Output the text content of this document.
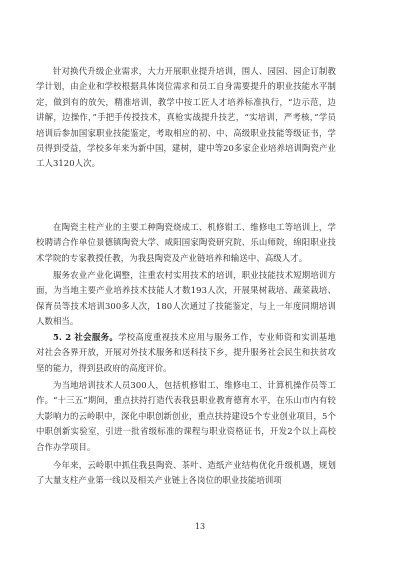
针对换代升级企业需求，大力开展职业提升培训，围人、园园、园企订制教学计划，由企业和学校根据具体岗位需求和员工自身需要提升的职业技能水平制定，做到有的放矢，精准培训，教学中按工匠人才培养标准执行，“边示范，边讲解，边操作，”手把手传授技术，真枪实战提升技艺，“实培训，严考核，”学员培训后参加国家职业技能鉴定，考取相应的初、中、高级职业技能等级证书，学员得到受益，学校多年来为新中国，建树，建中等20多家企业培养培训陶瓷产业工人3120人次。
在陶瓷主柱产业的主要工种陶瓷烧成工、机修钳工、维修电工等培训上，学校聘请合作单位景德镇陶瓷大学、咸阳国家陶瓷研究院、乐山师院，绵阳职业技术学院的专家教授任教，为我县陶瓷及产业链培养和输送中、高级人才。
服务农业产业化调整，注重农村实用技术的培训，职业技能技术短期培训方面，为当地主要产业培养技术技能人才数193人次，开展果树栽培、蔬菜栽培、保育员等技术培训300多人次，180人次通过了技能鉴定，与上一年度同期培训人数相当。
5. 2 社会服务。学校高度重视技术应用与服务工作，专业师资和实训基地对社会各界开放，开展对外技术服务和送科技下乡，提升服务社会民生和扶贫攻坚的能力，得到县政府的高度评价。
为当地培训技术人员300人，包括机修钳工、维修电工、计算机操作员等工作。“十三五”期间，重点扶持打造代表我县职业教育德育水平，在乐山市内有较大影响力的云岭职中，深化中职创新创业，重点扶持建设5个专业创业项目，5个中职创新实验室，引进一批省级标准的课程与职业资格证书，开发2个以上高校合作办学项目。
今年来，云岭职中抓住我县陶瓷、茶叶、造纸产业结构优化升级机遇，规划了大量支柱产业第一线以及相关产业链上各岗位的职业技能培训项
13
